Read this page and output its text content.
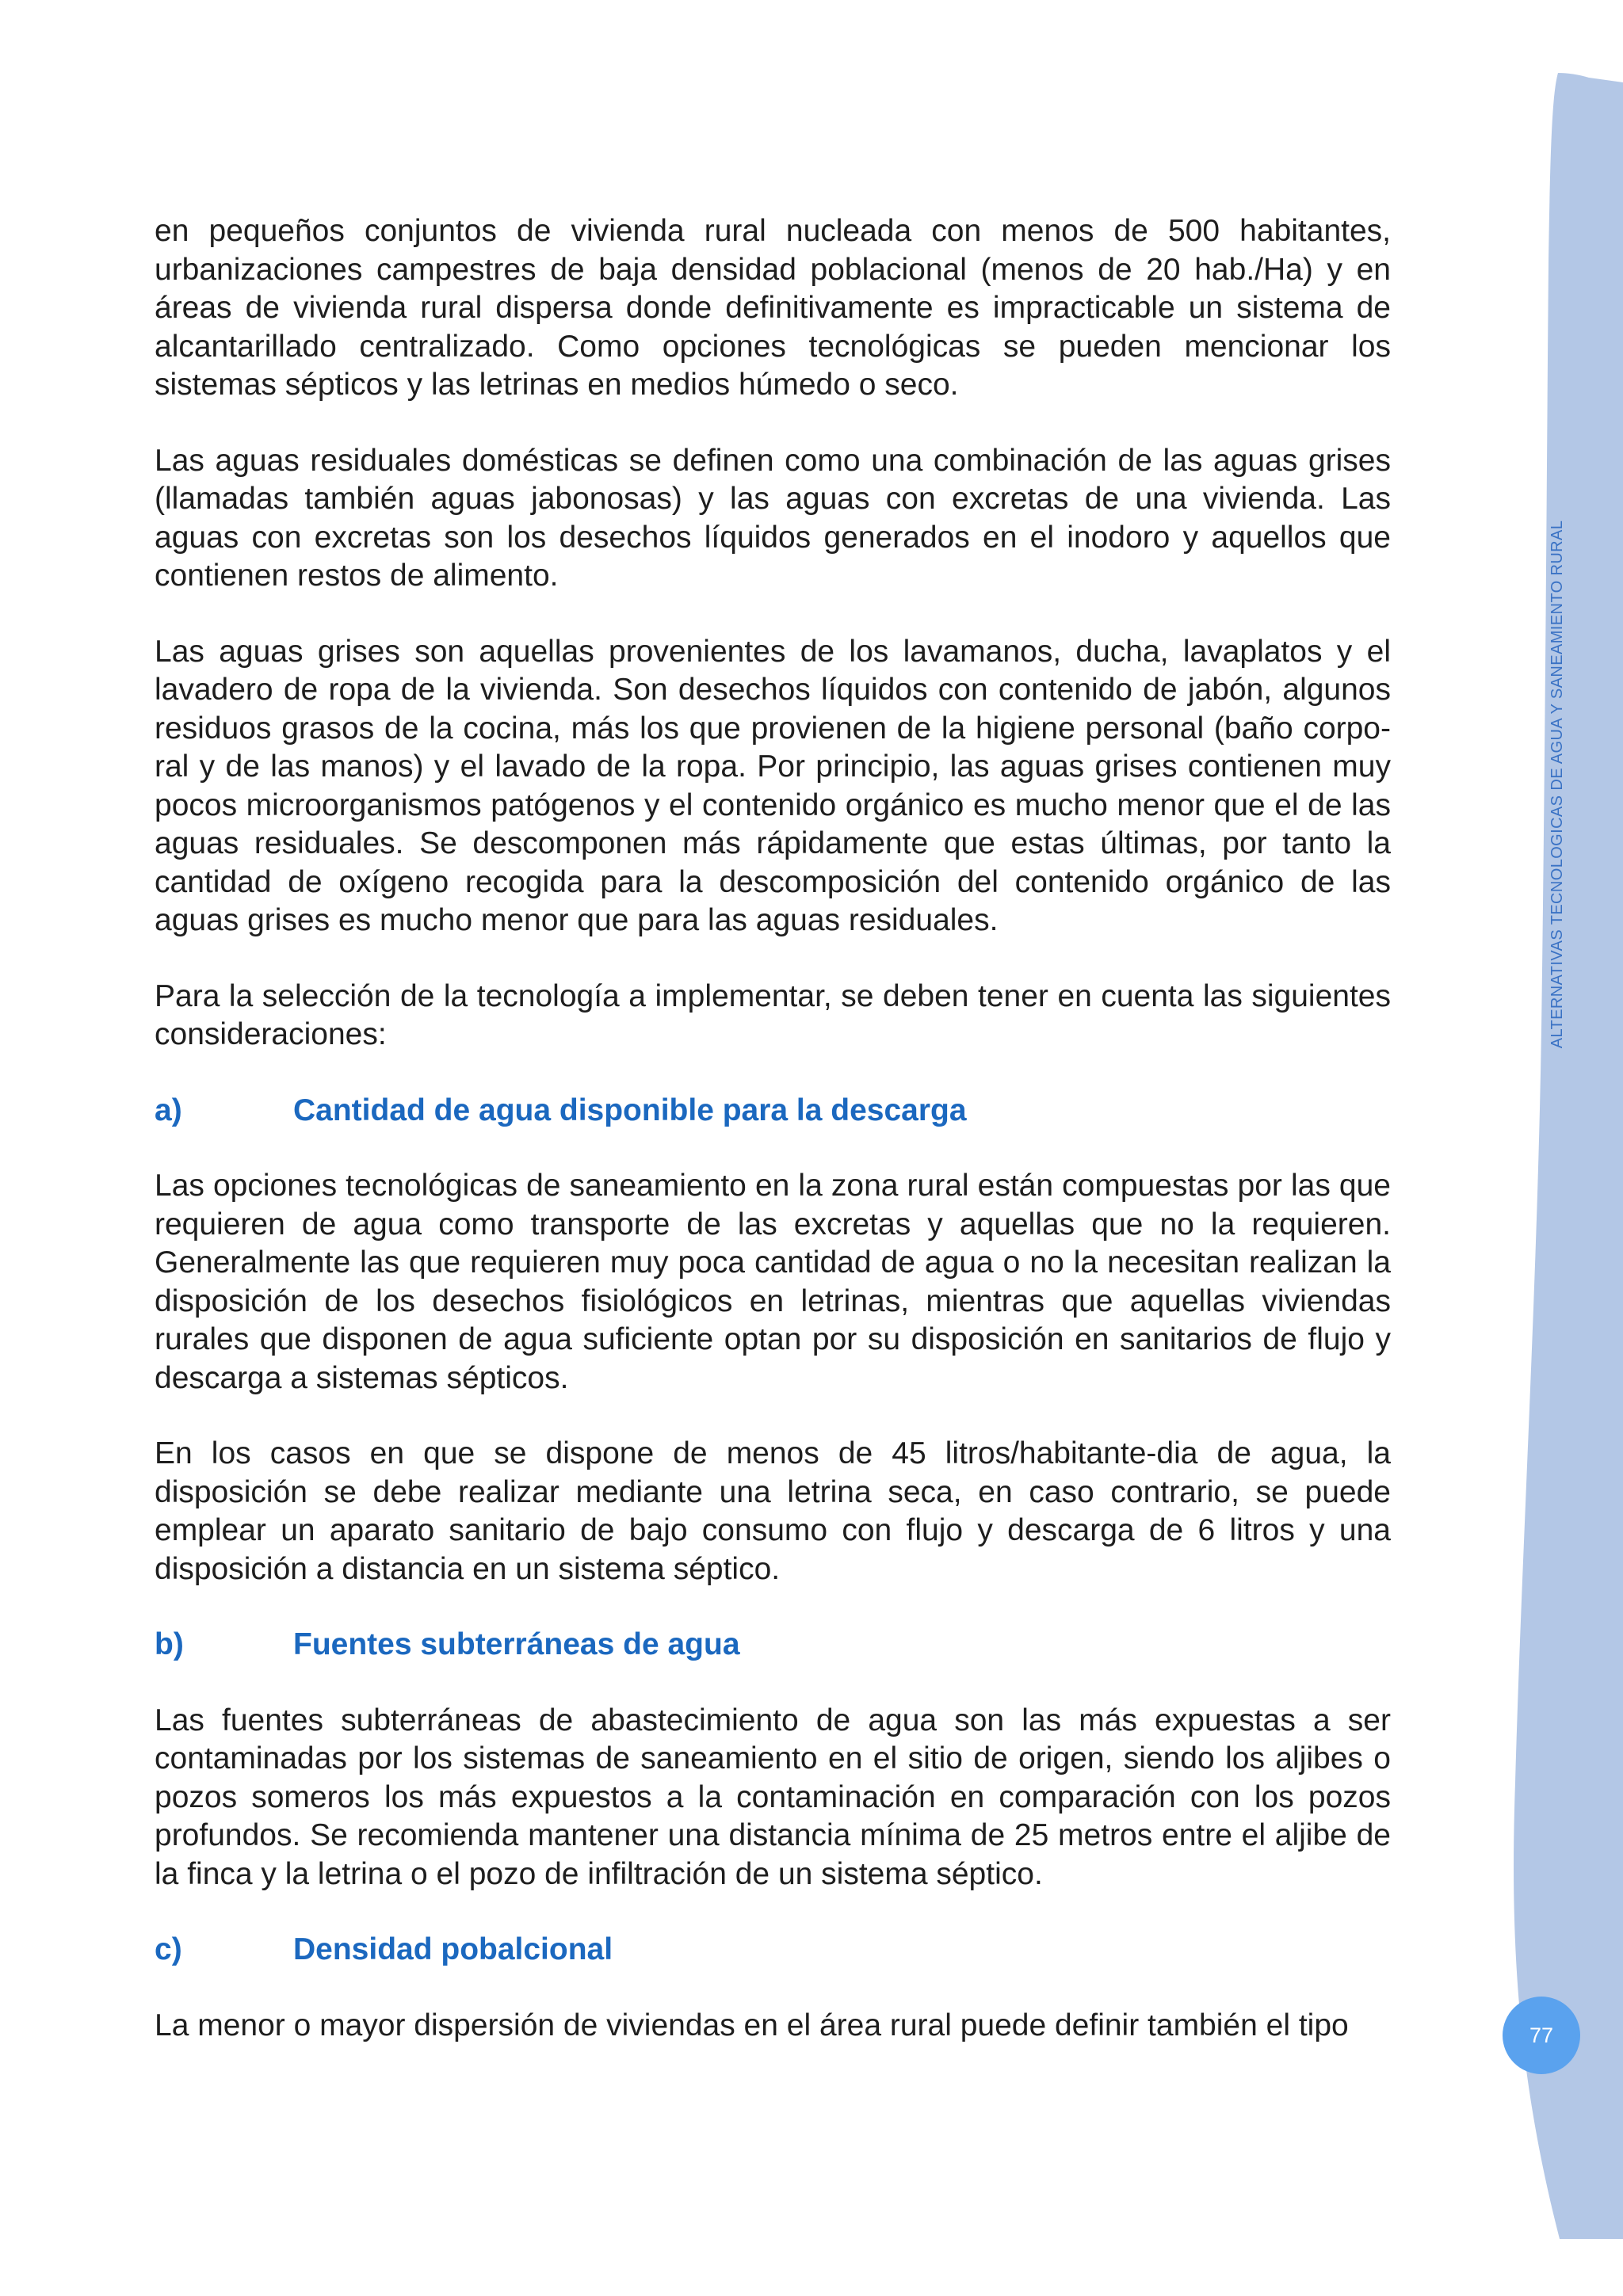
ALTERNATIVAS TECNOLOGICAS DE AGUA Y SANEAMIENTO RURAL
77

en pequeños conjuntos de vivienda rural nucleada con menos de 500 habitantes, urbanizaciones campestres de baja densidad poblacional (menos de 20 hab./Ha) y en áreas de vivienda rural dispersa donde definitivamente es impracticable un sistema de alcantarillado centralizado. Como opciones tecnológicas se pueden mencionar los sistemas sépticos y las letrinas en medios húmedo o seco.

Las aguas residuales domésticas se definen como una combinación de las aguas grises (llamadas también aguas jabonosas) y las aguas con excretas de una vivienda. Las aguas con excretas son los desechos líquidos generados en el inodoro y aquellos que contienen restos de alimento.

Las aguas grises son aquellas provenientes de los lavamanos, ducha, lavaplatos y el lavadero de ropa de la vivienda. Son desechos líquidos con contenido de jabón, algunos residuos grasos de la cocina, más los que provienen de la higiene personal (baño corpo-ral y de las manos) y el lavado de la ropa. Por principio, las aguas grises contienen muy pocos microorganismos patógenos y el contenido orgánico es mucho menor que el de las aguas residuales. Se descomponen más rápidamente que estas últimas, por tanto la cantidad de oxígeno recogida para la descomposición del contenido orgánico de las aguas grises es mucho menor que para las aguas residuales.

Para la selección de la tecnología a implementar, se deben tener en cuenta las siguientes consideraciones:

a)	Cantidad de agua disponible para la descarga

Las opciones tecnológicas de saneamiento en la zona rural están compuestas por las que requieren de agua como transporte de las excretas y aquellas que no la requieren. Generalmente las que requieren muy poca cantidad de agua o no la necesitan realizan la disposición de los desechos fisiológicos en letrinas, mientras que aquellas viviendas rurales que disponen de agua suficiente optan por su disposición en sanitarios de flujo y descarga a sistemas sépticos.

En los casos en que se dispone de menos de 45 litros/habitante-dia de agua, la disposición se debe realizar mediante una letrina seca, en caso contrario, se puede emplear un aparato sanitario de bajo consumo con flujo y descarga de 6 litros y una disposición a distancia en un sistema séptico.

b)	Fuentes subterráneas de agua

Las fuentes subterráneas de abastecimiento de agua son las más expuestas a ser contaminadas por los sistemas de saneamiento en el sitio de origen, siendo los aljibes o pozos someros los más expuestos a la contaminación en comparación con los pozos profundos. Se recomienda mantener una distancia mínima de 25 metros entre el aljibe de la finca y la letrina o el pozo de infiltración de un sistema séptico.

c)	Densidad pobalcional

La menor o mayor dispersión de viviendas en el área rural puede definir también el tipo
